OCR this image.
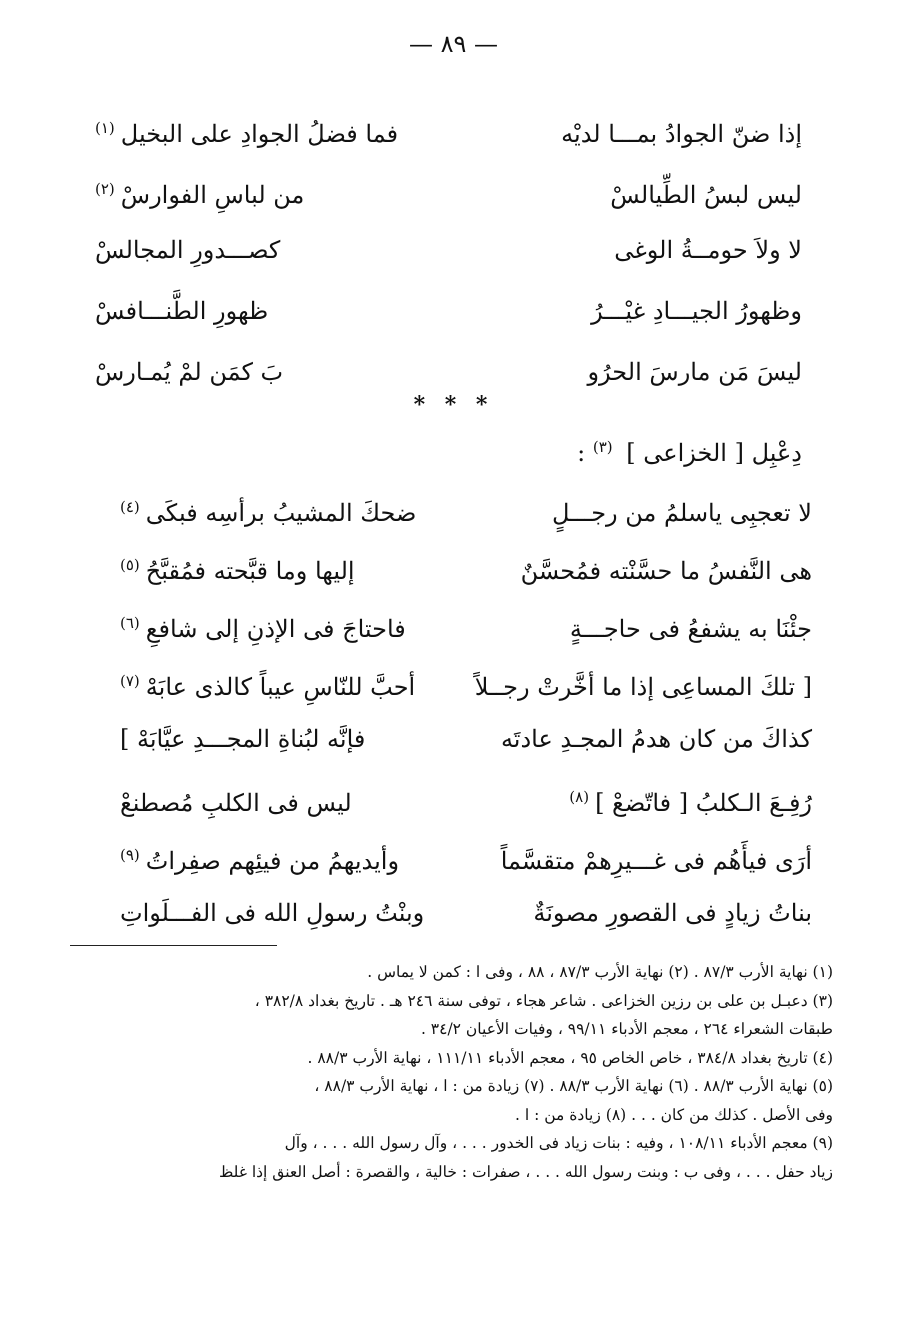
— ٨٩ —
إذا ضنّ الجوادُ بمـــا لديْه
فما فضلُ الجوادِ على البخيل$^{(١)}$
ليس لبسُ الطِّيالسْ
من لباسِ الفوارسْ$^{(٢)}$
لا ولاَ حومــةُ الوغى
كصـــدورِ المجالسْ
وظهورُ الجيـــادِ غيْـــرُ
ظهورِ الطَّنـــافسْ
ليسَ مَن مارسَ الحرُو
بَ كمَن لمْ يُمـارسْ
* * *
دِعْبِل [ الخزاعى ] $^{(٣)}$ :
لا تعجبِى ياسلمُ من رجـــلٍ
ضحكَ المشيبُ برأسِه فبكَى$^{(٤)}$
هى النَّفسُ ما حسَّنْته فمُحسَّنٌ
إليها وما قبَّحته فمُقبَّحُ$^{(٥)}$
جئْنَا به يشفعُ فى حاجـــةٍ
فاحتاجَ فى الإذنِ إلى شافعِ$^{(٦)}$
[ تلكَ المساعِى إذا ما أخَّرتْ رجــلاً
أحبَّ للنّاسِ عيباً كالذى عابَهْ$^{(٧)}$
كذاكَ من كان هدمُ المجـدِ عادتَه
فإنَّه لبُناةِ المجـــدِ عيَّابَهْ ]
رُفِـعَ الـكلبُ [ فاتّضعْ ]$^{(٨)}$
ليس فى الكلبِ مُصطنعْ
أرَى فيأَهُم فى غـــيرِهمْ متقسَّماً
وأيديهمُ من فيئِهم صفِراتُ$^{(٩)}$
بناتُ زيادٍ فى القصورِ مصونَةٌ
وبنْتُ رسولِ الله فى الفـــلَواتِ
(١) نهاية الأرب ٨٧/٣ . (٢) نهاية الأرب ٨٧/٣ ، ٨٨ ، وفى ا : كمن لا يماس .
(٣) دعبـل بن على بن رزين الخزاعى . شاعر هجاء ، توفى سنة ٢٤٦ هـ . تاريخ بغداد ٣٨٢/٨ ،
طبقات الشعراء ٢٦٤ ، معجم الأدباء ٩٩/١١ ، وفيات الأعيان ٣٤/٢ .
(٤) تاريخ بغداد ٣٨٤/٨ ، خاص الخاص ٩٥ ، معجم الأدباء ١١١/١١ ، نهاية الأرب ٨٨/٣ .
(٥) نهاية الأرب ٨٨/٣ . (٦) نهاية الأرب ٨٨/٣ . (٧) زيادة من : ا ، نهاية الأرب ٨٨/٣ ،
وفى الأصل . كذلك من كان . . . (٨) زيادة من : ا .
(٩) معجم الأدباء ١٠٨/١١ ، وفيه : بنات زياد فى الخدور . . . ، وآل رسول الله . . . ، وآل
زياد حفل . . . ، وفى ب : وبنت رسول الله . . . ، صفرات : خالية ، والقصرة : أصل العنق إذا غلظ
